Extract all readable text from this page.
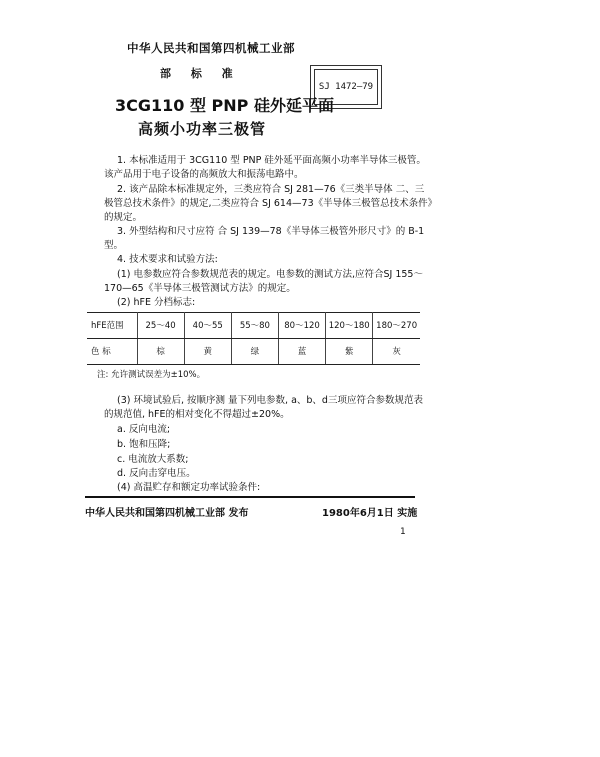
中华人民共和国第四机械工业部
部 标 准
SJ 1472—79
3CG110 型 PNP 硅外延平面
高频小功率三极管
1. 本标准适用于 3CG110 型 PNP 硅外延平面高频小功率半导体三极管。
该产品用于电子设备的高频放大和振荡电路中。
2. 该产品除本标准规定外，三类应符合 SJ 281—76《三类半导体 二、三
极管总技术条件》的规定,二类应符合 SJ 614—73《半导体三极管总技术条件》
的规定。
3. 外型结构和尺寸应符 合 SJ 139—78《半导体三极管外形尺寸》的 B-1
型。
4. 技术要求和试验方法:
(1) 电参数应符合参数规范表的规定。电参数的测试方法,应符合SJ 155～
170—65《半导体三极管测试方法》的规定。
(2) hFE 分档标志:
hFE范围	25～40	40～55	55～80	80～120	120～180	180～270
色 标	棕	黄	绿	蓝	紫	灰
注: 允许测试误差为±10%。
(3) 环境试验后, 按顺序测 量下列电参数, a、b、d三项应符合参数规范表
的规范值, hFE的相对变化不得超过±20%。
a. 反向电流;
b. 饱和压降;
c. 电流放大系数;
d. 反向击穿电压。
(4) 高温贮存和额定功率试验条件:
中华人民共和国第四机械工业部 发布	1980年6月1日 实施
1
